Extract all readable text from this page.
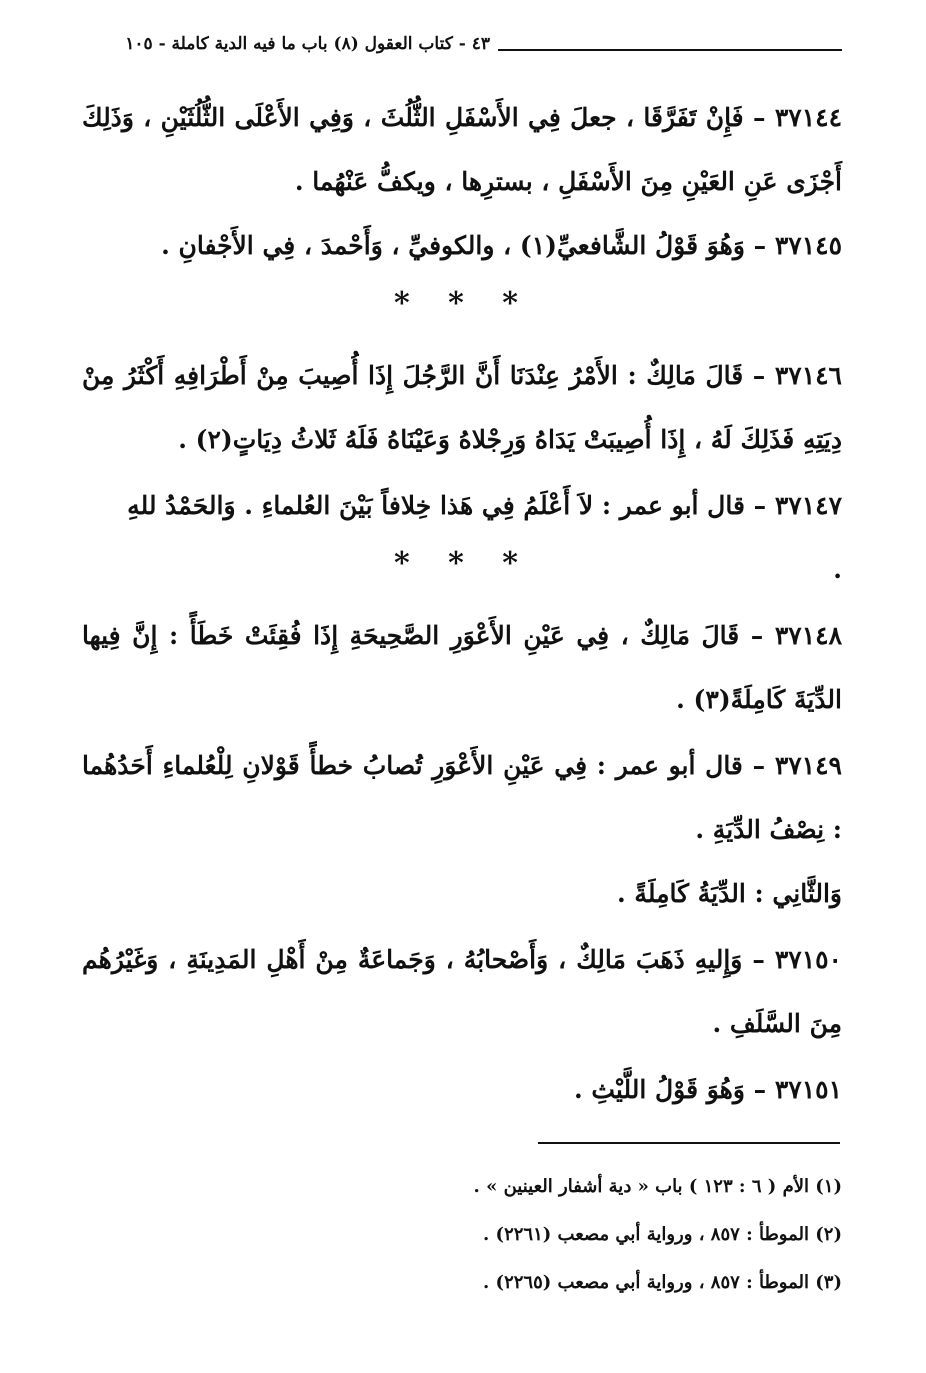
٤٣ - كتاب العقول (٨) باب ما فيه الدية كاملة - ١٠٥
٣٧١٤٤ – فَإِنْ تَفَرَّقَا ، جعلَ فِي الأَسْفَلِ الثُّلُثَ ، وَفِي الأَعْلَى الثُّلُثَيْنِ ، وَذَلِكَ أَجْزَى عَنِ العَيْنِ مِنَ الأَسْفَلِ ، بسترِها ، ويكفُّ عَنْهُما .
٣٧١٤٥ – وَهُوَ قَوْلُ الشَّافعيِّ(١) ، والكوفيِّ ، وَأَحْمدَ ، فِي الأَجْفانِ .
* * *
٣٧١٤٦ – قَالَ مَالِكٌ : الأَمْرُ عِنْدَنَا أَنَّ الرَّجُلَ إِذَا أُصِيبَ مِنْ أَطْرَافِهِ أَكْثَرُ مِنْ دِيَتِهِ فَذَلِكَ لَهُ ، إِذَا أُصِيبَتْ يَدَاهُ وَرِجْلاهُ وَعَيْنَاهُ فَلَهُ ثَلاثُ دِيَاتٍ(٢) .
٣٧١٤٧ – قال أبو عمر : لاَ أَعْلَمُ فِي هَذا خِلافاً بَيْنَ العُلماءِ . وَالحَمْدُ للهِ .
* * *
٣٧١٤٨ – قَالَ مَالِكٌ ، فِي عَيْنِ الأَعْوَرِ الصَّحِيحَةِ إِذَا فُقِئَتْ خَطَأً : إِنَّ فِيها الدِّيَةَ كَامِلَةً(٣) .
٣٧١٤٩ – قال أبو عمر : فِي عَيْنِ الأَعْوَرِ تُصابُ خطأً قَوْلانِ لِلْعُلماءِ أَحَدُهُما : نِصْفُ الدِّيَةِ .
وَالثَّانِي : الدِّيَةُ كَامِلَةً .
٣٧١٥٠ – وَإِليهِ ذَهَبَ مَالِكٌ ، وَأَصْحابُهُ ، وَجَماعَةٌ مِنْ أَهْلِ المَدِينَةِ ، وَغَيْرُهُم مِنَ السَّلَفِ .
٣٧١٥١ – وَهُوَ قَوْلُ اللَّيْثِ .
(١) الأم ( ٦ : ١٢٣ ) باب « دية أشفار العينين » .
(٢) الموطأ : ٨٥٧ ، ورواية أبي مصعب (٢٢٦١) .
(٣) الموطأ : ٨٥٧ ، ورواية أبي مصعب (٢٢٦٥) .
